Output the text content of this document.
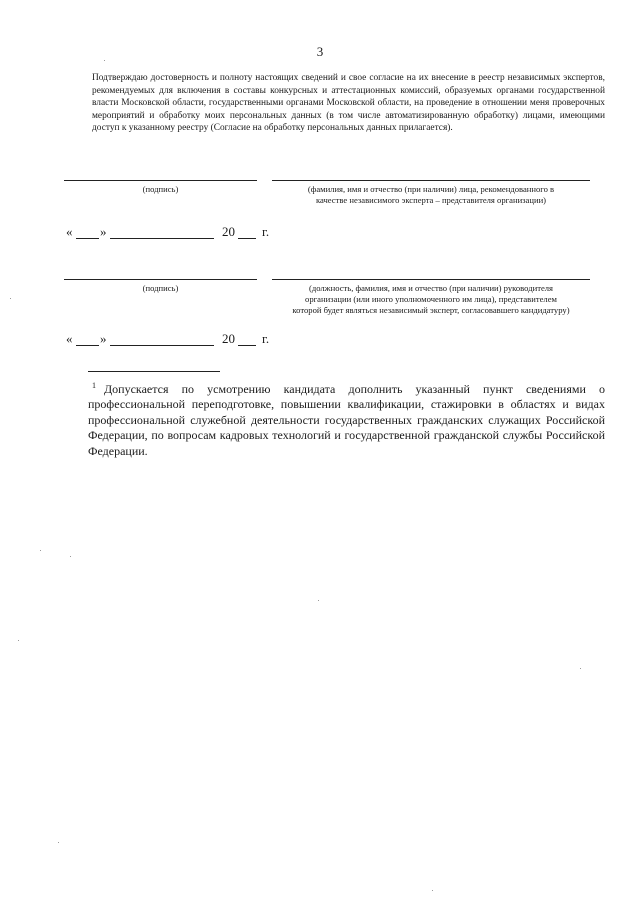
3

Подтверждаю достоверность и полноту настоящих сведений и свое согласие на их внесение в реестр независимых экспертов, рекомендуемых для включения в составы конкурсных и аттестационных комиссий, образуемых органами государственной власти Московской области, государственными органами Московской области, на проведение в отношении меня проверочных мероприятий и обработку моих персональных данных (в том числе автоматизированную обработку) лицами, имеющими доступ к указанному реестру (Согласие на обработку персональных данных прилагается).

(подпись)	(фамилия, имя и отчество (при наличии) лица, рекомендованного в качестве независимого эксперта – представителя организации)
« »	20 г.
(подпись)	(должность, фамилия, имя и отчество (при наличии) руководителя организации (или иного уполномоченного им лица), представителем которой будет являться независимый эксперт, согласовавшего кандидатуру)
« »	20 г.
$^1$ Допускается по усмотрению кандидата дополнить указанный пункт сведениями о профессиональной переподготовке, повышении квалификации, стажировки в областях и видах профессиональной служебной деятельности государственных гражданских служащих Российской Федерации, по вопросам кадровых технологий и государственной гражданской службы Российской Федерации.
